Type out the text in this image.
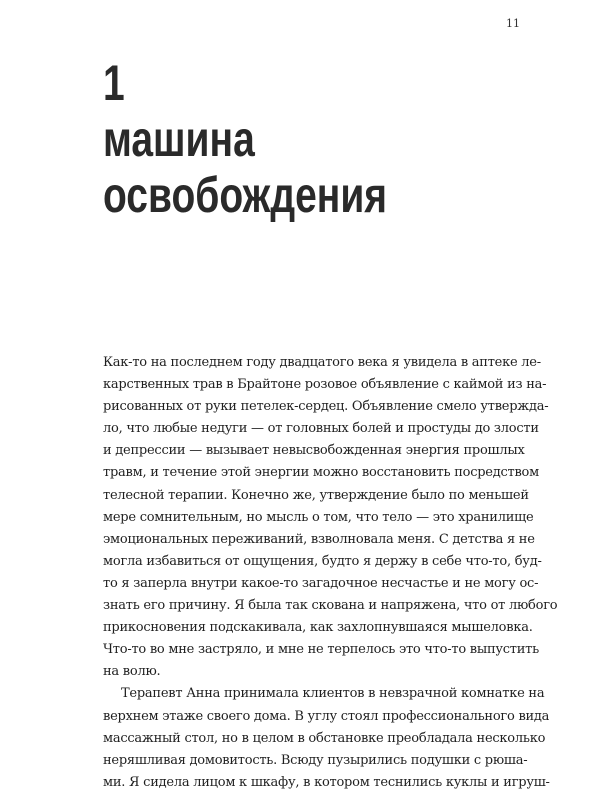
11
1
машина
освобождения
Как-то на последнем году двадцатого века я увидела в аптеке ле-
карственных трав в Брайтоне розовое объявление с каймой из на-
рисованных от руки петелек-сердец. Объявление смело утвержда-
ло, что любые недуги — от головных болей и простуды до злости
и депрессии — вызывает невысвобожденная энергия прошлых
травм, и течение этой энергии можно восстановить посредством
телесной терапии. Конечно же, утверждение было по меньшей
мере сомнительным, но мысль о том, что тело — это хранилище
эмоциональных переживаний, взволновала меня. С детства я не
могла избавиться от ощущения, будто я держу в себе что-то, буд-
то я заперла внутри какое-то загадочное несчастье и не могу ос-
знать его причину. Я была так скована и напряжена, что от любого
прикосновения подскакивала, как захлопнувшаяся мышеловка.
Что-то во мне застряло, и мне не терпелось это что-то выпустить
на волю.
Терапевт Анна принимала клиентов в невзрачной комнатке на
верхнем этаже своего дома. В углу стоял профессионального вида
массажный стол, но в целом в обстановке преобладала несколько
неряшливая домовитость. Всюду пузырились подушки с рюша-
ми. Я сидела лицом к шкафу, в котором теснились куклы и игруш-
